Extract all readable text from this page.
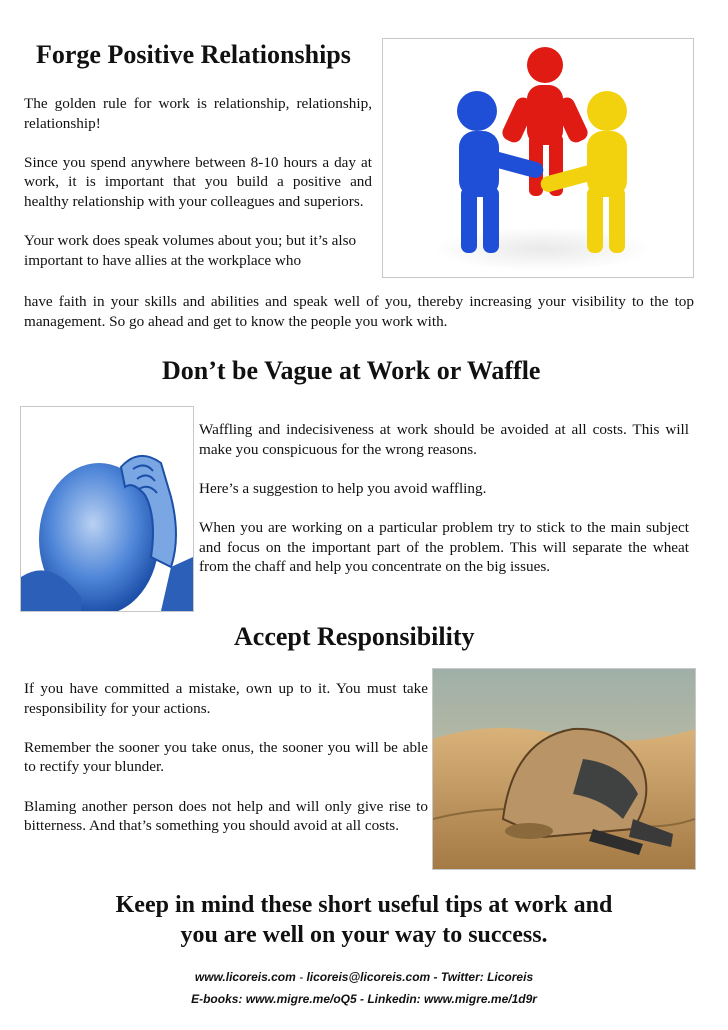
Forge Positive Relationships

The golden rule for work is relationship, relationship, relationship!

Since you spend anywhere between 8-10 hours a day at work, it is important that you build a positive and healthy relationship with your colleagues and superiors.

Your work does speak volumes about you; but it’s also important to have allies at the workplace who

have faith in your skills and abilities and speak well of you, thereby increasing your visibility to the top management. So go ahead and get to know the people you work with.

Don’t be Vague at Work or Waffle

Waffling and indecisiveness at work should be avoided at all costs. This will make you conspicuous for the wrong reasons.

Here’s a suggestion to help you avoid waffling.

When you are working on a particular problem try to stick to the main subject and focus on the important part of the problem. This will separate the wheat from the chaff and help you concentrate on the big issues.

Accept Responsibility

If you have committed a mistake, own up to it. You must take responsibility for your actions.

Remember the sooner you take onus, the sooner you will be able to rectify your blunder.

Blaming another person does not help and will only give rise to bitterness. And that’s something you should avoid at all costs.

Keep in mind these short useful tips at work and
you are well on your way to success.
www.licoreis.com - licoreis@licoreis.com - Twitter: Licoreis
E-books: www.migre.me/oQ5 - Linkedin: www.migre.me/1d9r
